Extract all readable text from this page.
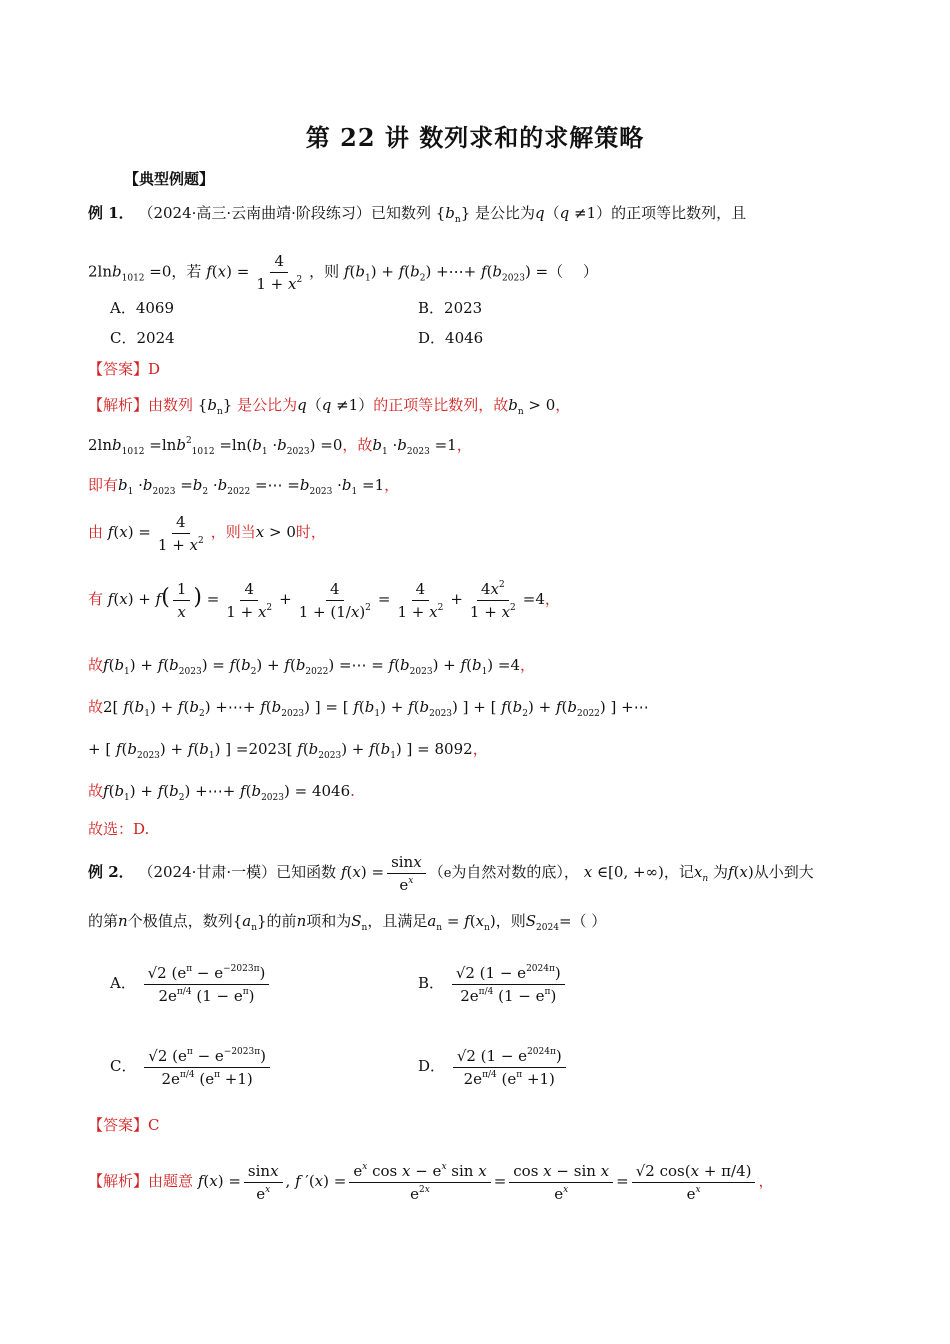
第 22 讲 数列求和的求解策略
【典型例题】
例 1． （2024·高三·云南曲靖·阶段练习）已知数列 $\{b_n\}$ 是公比为q（q ≠1）的正项等比数列，且
2lnb$_{1012}$ =0，若 $f(x) = \frac{4}{1 + x^2}$ ，则 $f(b_1) + f(b_2)$ +⋯+ $f(b_{2023})$ =（　 ）
A．4069	B．2023
C．2024	D．4046
【答案】D
【解析】由数列 $\{b_n\}$ 是公比为q（q ≠1）的正项等比数列，故$b_n > 0$，
$2\ln b_{1012} =\ln b^2_{1012} =\ln(b_1 \cdot b_{2023}) =0$，故$b_1 \cdot b_{2023} =1$，
即有$b_1 \cdot b_{2023} =b_2 \cdot b_{2022}$ =⋯ $=b_{2023} \cdot b_1 =1$，
由 $f(x) = \frac{4}{1 + x^2}$ ，则当x > 0时，
有 $f(x) + f( \frac{1}{x}$ ) = $\frac{4}{1 + x^2} + \frac{4}{1 + (1/x)^2} = \frac{4}{1 + x^2} + \frac{4x^2}{1 + x^2} =4$，
故$f(b_1) + f(b_{2023}) = f(b_2) + f(b_{2022})$ =⋯ = $f(b_{2023}) + f(b_1) =4$，
故2[ $f(b_1) + f(b_2)$ +⋯+ $f(b_{2023})$ ] = [ $f(b_1) + f(b_{2023})$ ] + [ $f(b_2) + f(b_{2022})$ ] +⋯
+ [ $f(b_{2023}) + f(b_1)$ ] =2023[ $f(b_{2023}) + f(b_1)$ ] = 8092，
故$f(b_1) + f(b_2)$ +⋯+ $f(b_{2023}) = 4046$.
故选：D.
例 2． （2024·甘肃·一模）已知函数 $f(x) = \frac{\sin x}{e^x} (e$为自然对数的底）， x ∈[0, +∞)，记$x_n$ 为f(x)从小到大
的第n个极值点，数列$\{a_n\}$的前n项和为$S_n$，且满足$a_n = f(x_n)$，则$S_{2024}=$（ ）
A． $\frac{√2 (e^\pi - e^{-2023\pi})}{2e^{\pi/4} (1 - e^\pi)}$	B． $\frac{√2 (1 - e^{2024\pi})}{2e^{\pi/4} (1 - e^\pi)}$
C． $\frac{√2 (e^\pi - e^{-2023\pi})}{2e^{\pi/4} (e^\pi +1)}$	D． $\frac{√2 (1 - e^{2024\pi})}{2e^{\pi/4} (e^\pi +1)}$
【答案】C
【解析】由题意 $f(x) = \frac{\sin x}{e^x}$ , f $'(x) = \frac{e^x \cos x - e^x \sin x}{e^{2x}} = \frac{\text{cos x − sin x}}{e^x} = \frac{√2 \cos(x + \pi/4)}{e^x}$ ，
